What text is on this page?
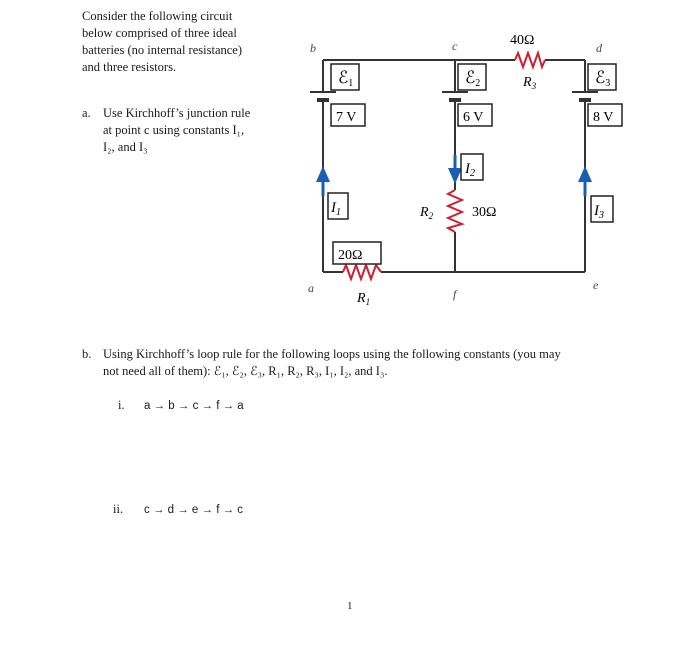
Consider the following circuit
below comprised of three ideal
batteries (no internal resistance)
and three resistors.
a. Use Kirchhoff’s junction rule
at point c using constants I₁,
I₂, and I₃
ℰ1	ℰ2	ℰ3
7 V	6 V	8 V
40Ω
$R_3$
$R_2$	30Ω
20Ω
$R_1$
$I_1$
$I_2$
$I_3$
b	c	d
a	f
e
b. Using Kirchhoff’s loop rule for the following loops using the following constants (you may
not need all of them): ℰ₁, ℰ₂, ℰ₃, R₁, R₂, R₃, I₁, I₂, and I₃.
i. a → b → c → f → a
ii. c → d → e → f → c
1
